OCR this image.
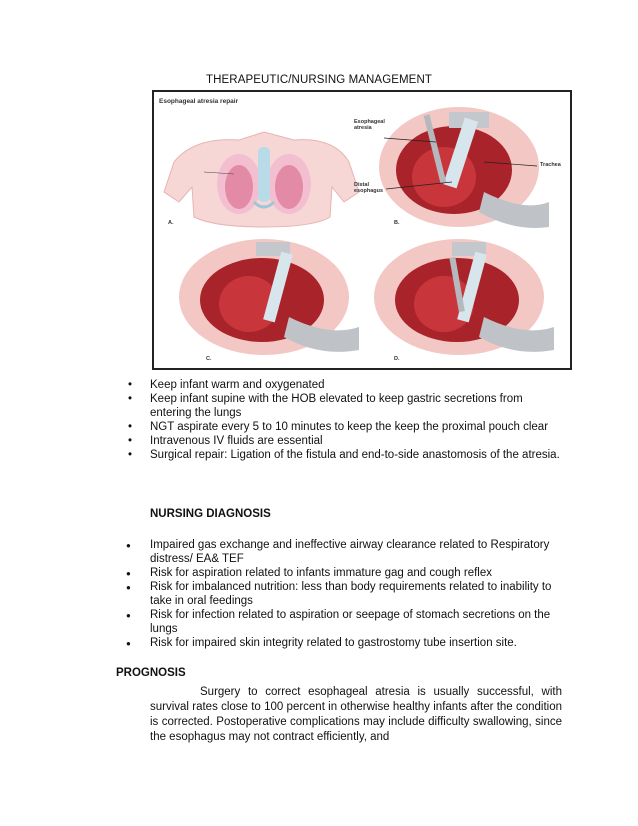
THERAPEUTIC/NURSING MANAGEMENT
Esophageal atresia repair
Esophageal atresia
Trachea
Distal esophagus
A.	B.
C.	D.
• Keep infant warm and oxygenated
• Keep infant supine with the HOB elevated to keep gastric secretions from entering the lungs
• NGT aspirate every 5 to 10 minutes to keep the keep the proximal pouch clear
• Intravenous IV fluids are essential
• Surgical repair: Ligation of the fistula and end-to-side anastomosis of the atresia.
NURSING DIAGNOSIS
● Impaired gas exchange and ineffective airway clearance related to Respiratory distress/ EA& TEF
● Risk for aspiration related to infants immature gag and cough reflex
● Risk for imbalanced nutrition: less than body requirements related to inability to take in oral feedings
● Risk for infection related to aspiration or seepage of stomach secretions on the lungs
● Risk for impaired skin integrity related to gastrostomy tube insertion site.
PROGNOSIS

Surgery to correct esophageal atresia is usually successful, with survival rates close to 100 percent in otherwise healthy infants after the condition is corrected. Postoperative complications may include difficulty swallowing, since the esophagus may not contract efficiently, and
